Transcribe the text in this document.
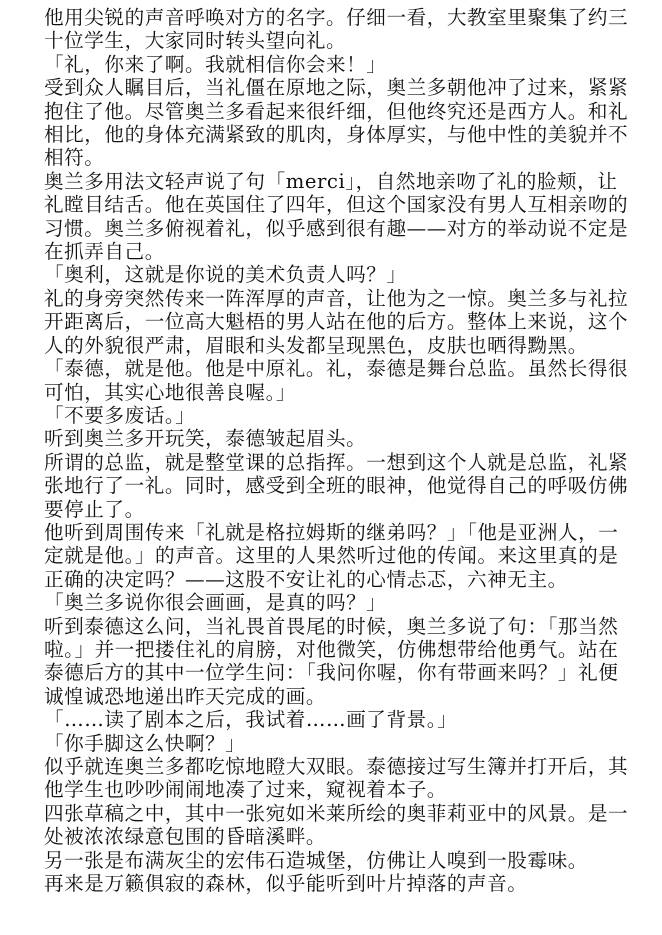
他用尖锐的声音呼唤对方的名字。仔细一看，大教室里聚集了约三

十位学生，大家同时转头望向礼。

「礼，你来了啊。我就相信你会来！」

受到众人瞩目后，当礼僵在原地之际，奥兰多朝他冲了过来，紧紧

抱住了他。尽管奥兰多看起来很纤细，但他终究还是西方人。和礼

相比，他的身体充满紧致的肌肉，身体厚实，与他中性的美貌并不

相符。

奥兰多用法文轻声说了句「merci」，自然地亲吻了礼的脸颊，让

礼瞠目结舌。他在英国住了四年，但这个国家没有男人互相亲吻的

习惯。奥兰多俯视着礼，似乎感到很有趣——对方的举动说不定是

在抓弄自己。

「奥利，这就是你说的美术负责人吗？」

礼的身旁突然传来一阵浑厚的声音，让他为之一惊。奥兰多与礼拉

开距离后，一位高大魁梧的男人站在他的后方。整体上来说，这个

人的外貌很严肃，眉眼和头发都呈现黑色，皮肤也晒得黝黑。

「泰德，就是他。他是中原礼。礼，泰德是舞台总监。虽然长得很

可怕，其实心地很善良喔。」

「不要多废话。」

听到奥兰多开玩笑，泰德皱起眉头。

所谓的总监，就是整堂课的总指挥。一想到这个人就是总监，礼紧

张地行了一礼。同时，感受到全班的眼神，他觉得自己的呼吸仿佛

要停止了。

他听到周围传来「礼就是格拉姆斯的继弟吗？」「他是亚洲人，一

定就是他。」的声音。这里的人果然听过他的传闻。来这里真的是

正确的决定吗？——这股不安让礼的心情忐忑，六神无主。

「奥兰多说你很会画画，是真的吗？」

听到泰德这么问，当礼畏首畏尾的时候，奥兰多说了句：「那当然

啦。」并一把搂住礼的肩膀，对他微笑，仿佛想带给他勇气。站在

泰德后方的其中一位学生问：「我问你喔，你有带画来吗？」礼便

诚惶诚恐地递出昨天完成的画。

「……读了剧本之后，我试着……画了背景。」

「你手脚这么快啊？」

似乎就连奥兰多都吃惊地瞪大双眼。泰德接过写生簿并打开后，其

他学生也吵吵闹闹地凑了过来，窥视着本子。

四张草稿之中，其中一张宛如米莱所绘的奥菲莉亚中的风景。是一

处被浓浓绿意包围的昏暗溪畔。

另一张是布满灰尘的宏伟石造城堡，仿佛让人嗅到一股霉味。

再来是万籁俱寂的森林，似乎能听到叶片掉落的声音。
